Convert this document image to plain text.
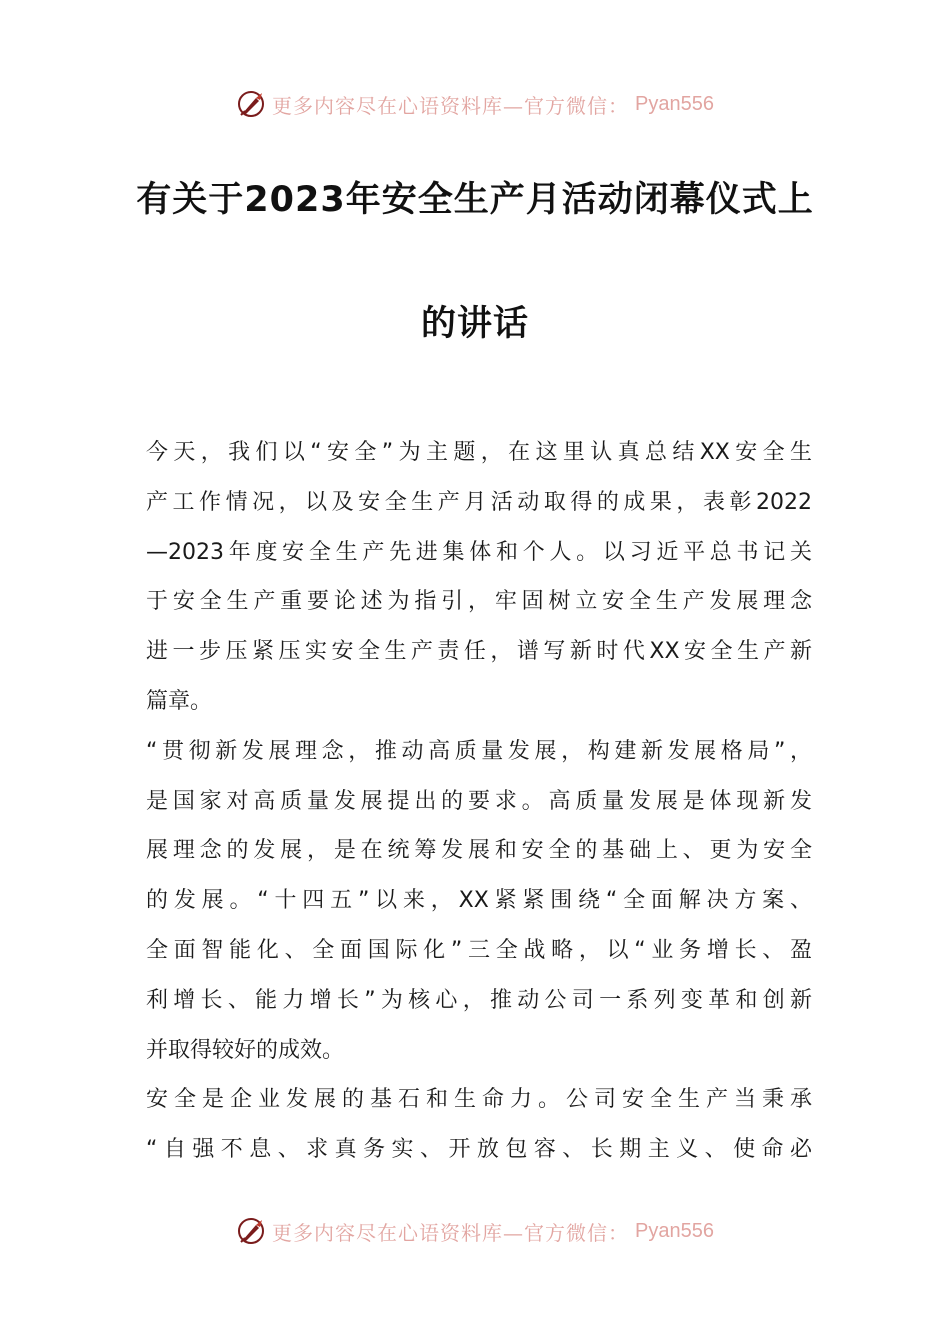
更多内容尽在心语资料库—官方微信： Pyan556
有关于2023年安全生产月活动闭幕仪式上
的讲话
今天，我们以“安全”为主题，在这里认真总结XX安全生
产工作情况，以及安全生产月活动取得的成果，表彰2022
—2023年度安全生产先进集体和个人。以习近平总书记关
于安全生产重要论述为指引，牢固树立安全生产发展理念
进一步压紧压实安全生产责任，谱写新时代XX安全生产新
篇章。
“贯彻新发展理念，推动高质量发展，构建新发展格局”，
是国家对高质量发展提出的要求。高质量发展是体现新发
展理念的发展，是在统筹发展和安全的基础上、更为安全
的发展。“十四五”以来，XX紧紧围绕“全面解决方案、
全面智能化、全面国际化”三全战略，以“业务增长、盈
利增长、能力增长”为核心，推动公司一系列变革和创新
并取得较好的成效。
安全是企业发展的基石和生命力。公司安全生产当秉承
“自强不息、求真务实、开放包容、长期主义、使命必
更多内容尽在心语资料库—官方微信： Pyan556
